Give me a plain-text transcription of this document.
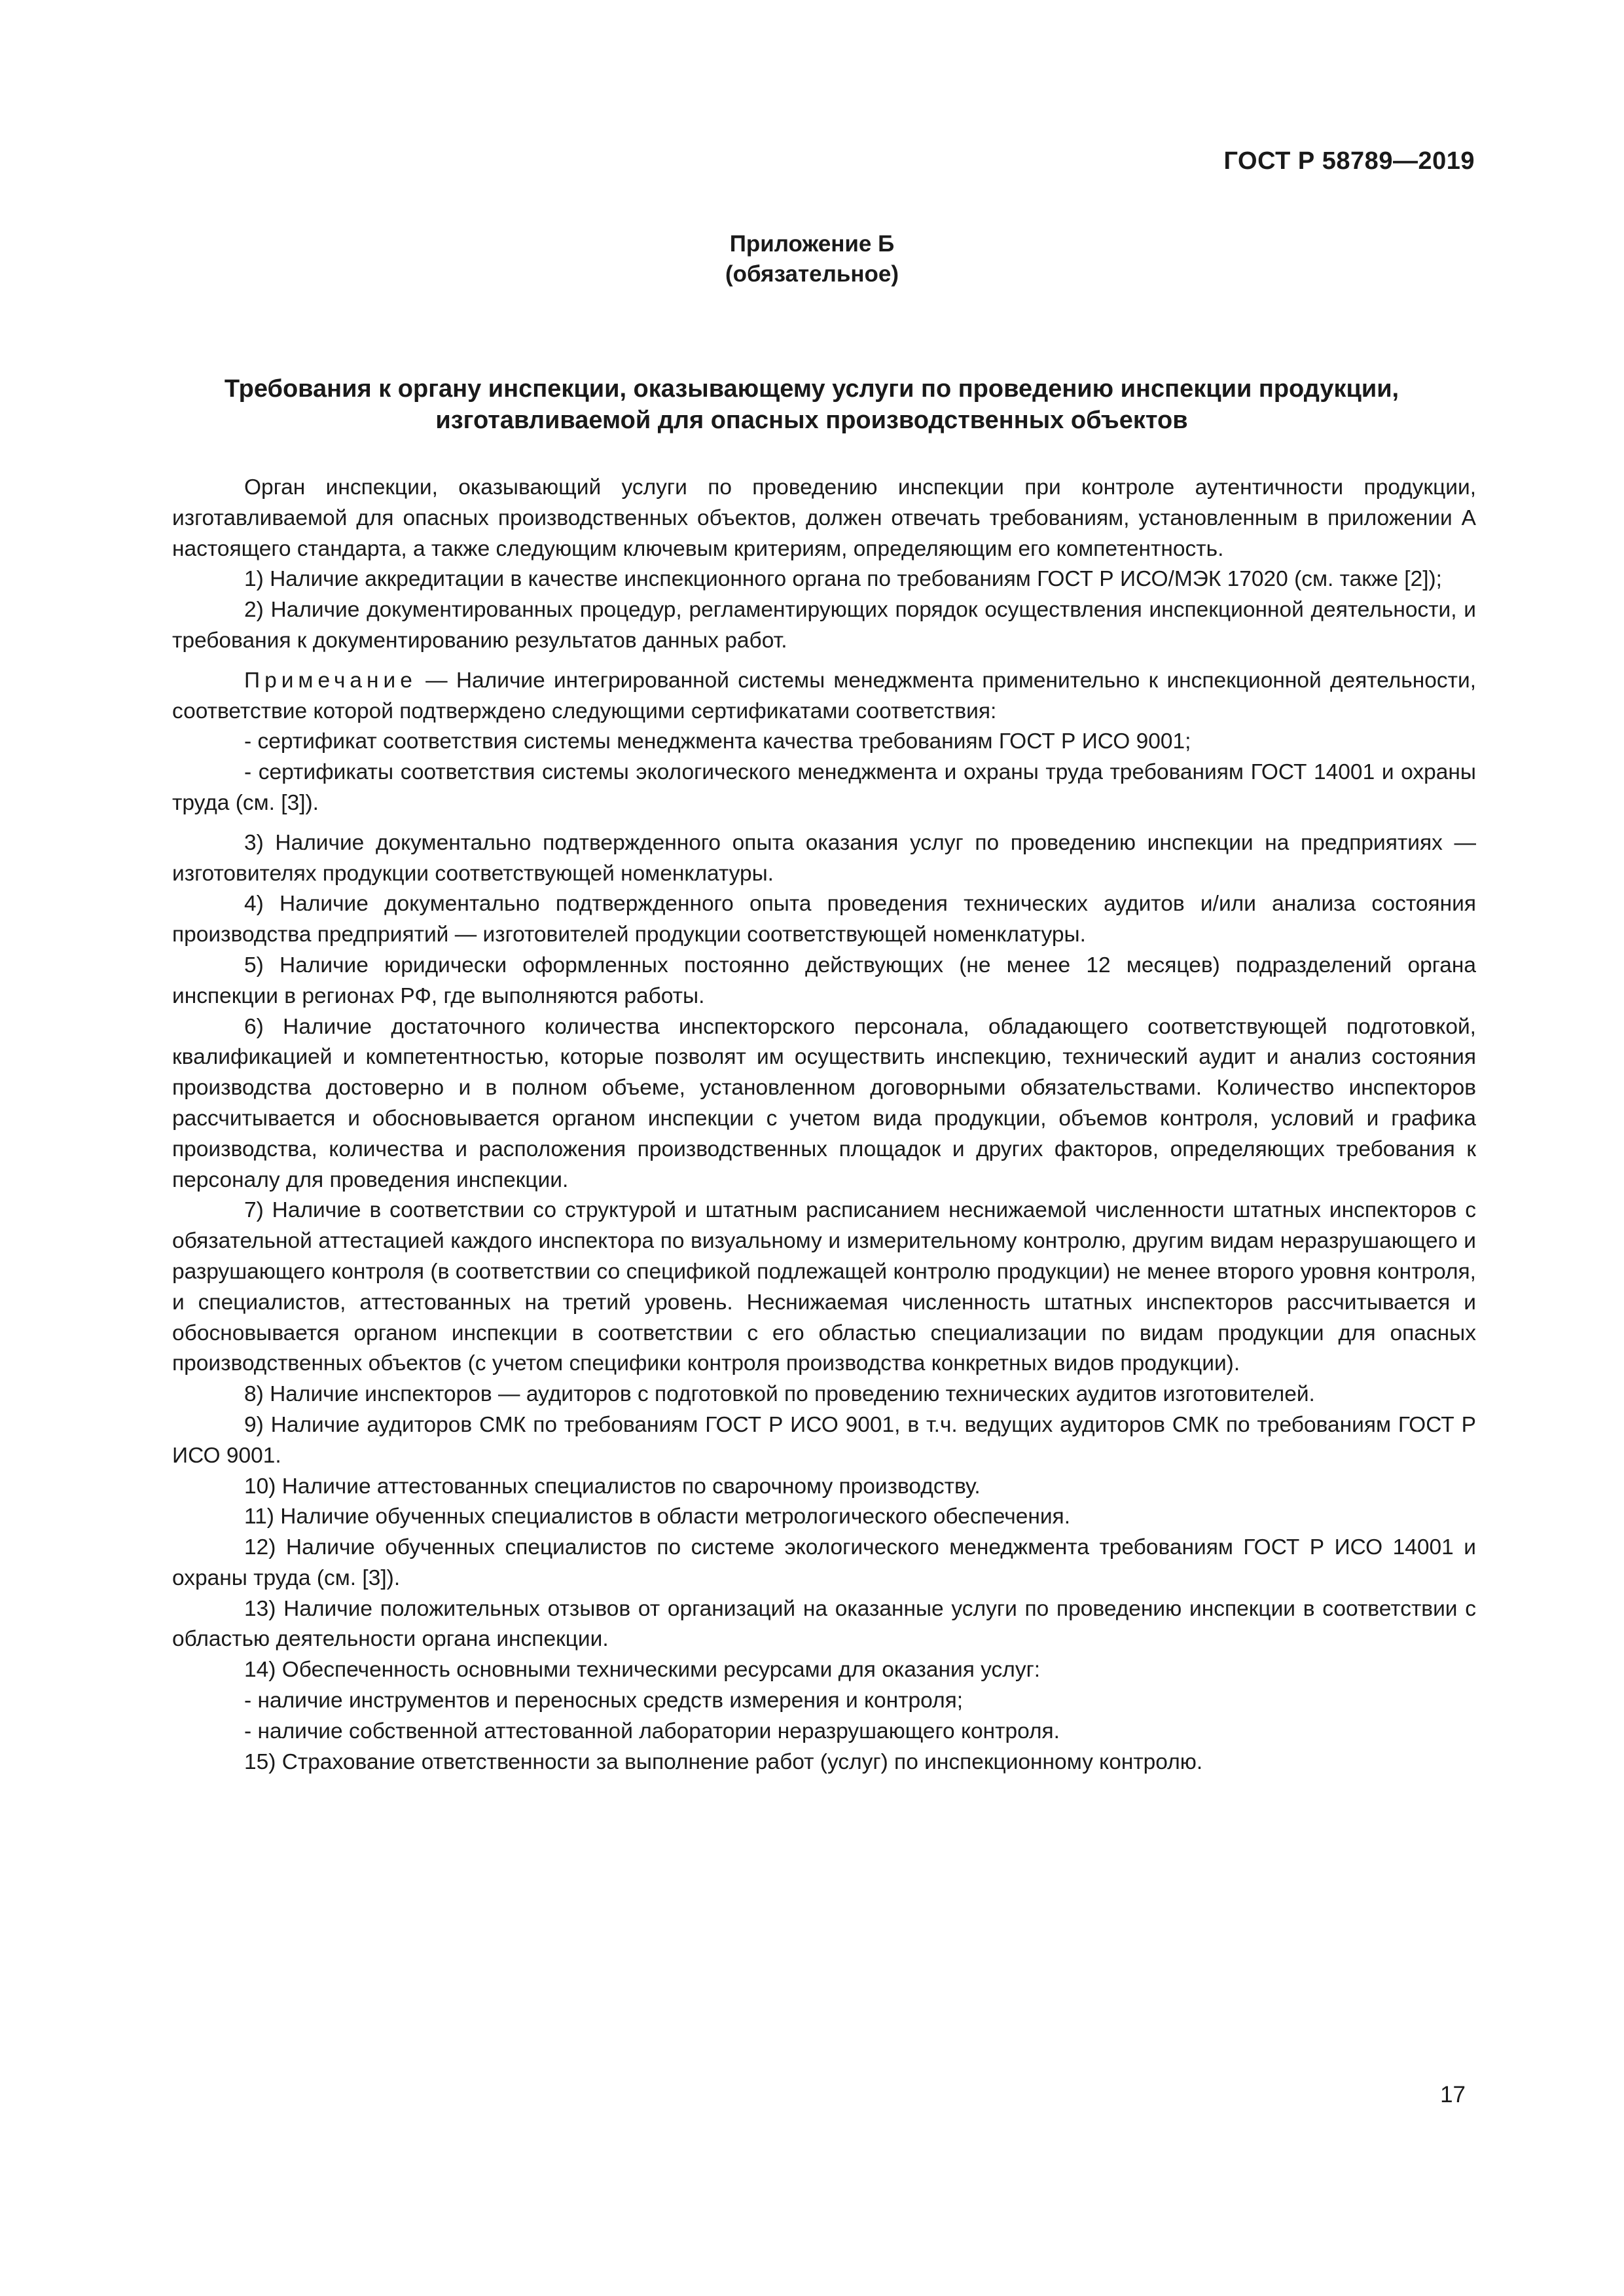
ГОСТ Р 58789—2019
Приложение Б
(обязательное)
Требования к органу инспекции, оказывающему услуги по проведению инспекции продукции,
изготавливаемой для опасных производственных объектов

Орган инспекции, оказывающий услуги по проведению инспекции при контроле аутентичности продукции, изготавливаемой для опасных производственных объектов, должен отвечать требованиям, установленным в приложении А настоящего стандарта, а также следующим ключевым критериям, определяющим его компетентность.

1) Наличие аккредитации в качестве инспекционного органа по требованиям ГОСТ Р ИСО/МЭК 17020 (см. также [2]);

2) Наличие документированных процедур, регламентирующих порядок осуществления инспекционной деятельности, и требования к документированию результатов данных работ.

Примечание — Наличие интегрированной системы менеджмента применительно к инспекционной деятельности, соответствие которой подтверждено следующими сертификатами соответствия:

- сертификат соответствия системы менеджмента качества требованиям ГОСТ Р ИСО 9001;

- сертификаты соответствия системы экологического менеджмента и охраны труда требованиям ГОСТ 14001 и охраны труда (см. [3]).

3) Наличие документально подтвержденного опыта оказания услуг по проведению инспекции на предприятиях — изготовителях продукции соответствующей номенклатуры.

4) Наличие документально подтвержденного опыта проведения технических аудитов и/или анализа состояния производства предприятий — изготовителей продукции соответствующей номенклатуры.

5) Наличие юридически оформленных постоянно действующих (не менее 12 месяцев) подразделений органа инспекции в регионах РФ, где выполняются работы.

6) Наличие достаточного количества инспекторского персонала, обладающего соответствующей подготовкой, квалификацией и компетентностью, которые позволят им осуществить инспекцию, технический аудит и анализ состояния производства достоверно и в полном объеме, установленном договорными обязательствами. Количество инспекторов рассчитывается и обосновывается органом инспекции с учетом вида продукции, объемов контроля, условий и графика производства, количества и расположения производственных площадок и других факторов, определяющих требования к персоналу для проведения инспекции.

7) Наличие в соответствии со структурой и штатным расписанием неснижаемой численности штатных инспекторов с обязательной аттестацией каждого инспектора по визуальному и измерительному контролю, другим видам неразрушающего и разрушающего контроля (в соответствии со спецификой подлежащей контролю продукции) не менее второго уровня контроля, и специалистов, аттестованных на третий уровень. Неснижаемая численность штатных инспекторов рассчитывается и обосновывается органом инспекции в соответствии с его областью специализации по видам продукции для опасных производственных объектов (с учетом специфики контроля производства конкретных видов продукции).

8) Наличие инспекторов — аудиторов с подготовкой по проведению технических аудитов изготовителей.

9) Наличие аудиторов СМК по требованиям ГОСТ Р ИСО 9001, в т.ч. ведущих аудиторов СМК по требованиям ГОСТ Р ИСО 9001.

10) Наличие аттестованных специалистов по сварочному производству.

11) Наличие обученных специалистов в области метрологического обеспечения.

12) Наличие обученных специалистов по системе экологического менеджмента требованиям ГОСТ Р ИСО 14001 и охраны труда (см. [3]).

13) Наличие положительных отзывов от организаций на оказанные услуги по проведению инспекции в соответствии с областью деятельности органа инспекции.

14) Обеспеченность основными техническими ресурсами для оказания услуг:

- наличие инструментов и переносных средств измерения и контроля;

- наличие собственной аттестованной лаборатории неразрушающего контроля.

15) Страхование ответственности за выполнение работ (услуг) по инспекционному контролю.

17
